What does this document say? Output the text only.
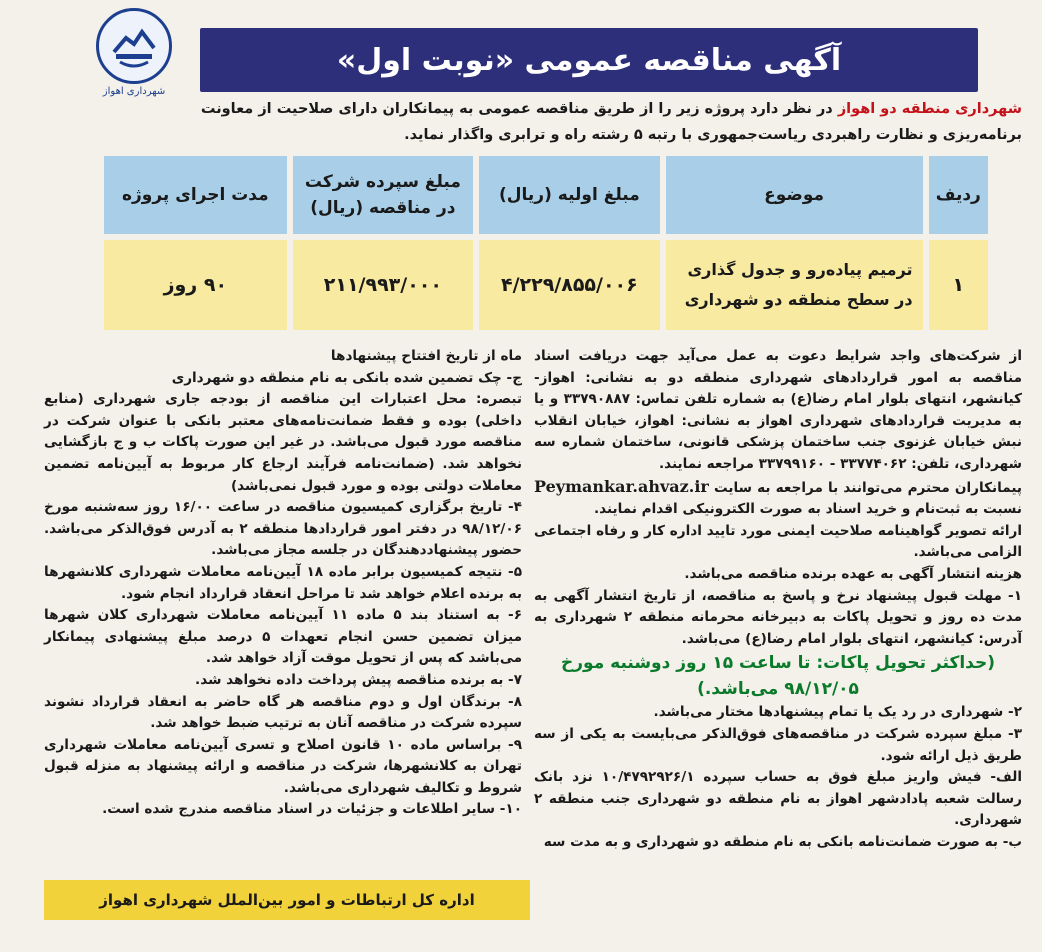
شهرداری اهواز
آگهی مناقصه عمومی «نوبت اول»
شهرداری منطقه دو اهواز در نظر دارد پروژه زیر را از طریق مناقصه عمومی به پیمانکاران دارای صلاحیت از معاونت برنامه‌ریزی و نظارت راهبردی ریاست‌جمهوری با رتبه ۵ رشته راه و ترابری واگذار نماید.
ردیف	موضوع	مبلغ اولیه (ریال)	مبلغ سپرده شرکت در مناقصه (ریال)	مدت اجرای پروژه
۱	ترمیم پیاده‌رو و جدول گذاری در سطح منطقه دو شهرداری	۴/۲۲۹/۸۵۵/۰۰۶	۲۱۱/۹۹۳/۰۰۰	۹۰ روز

از شرکت‌های واجد شرایط دعوت به عمل می‌آید جهت دریافت اسناد مناقصه به امور قراردادهای شهرداری منطقه دو به نشانی: اهواز- کیانشهر، انتهای بلوار امام رضا(ع) به شماره تلفن تماس: ۳۳۷۹۰۸۸۷ و یا به مدیریت قراردادهای شهرداری اهواز به نشانی: اهواز، خیابان انقلاب نبش خیابان غزنوی جنب ساختمان پزشکی قانونی، ساختمان شماره سه شهرداری، تلفن: ۳۳۷۷۴۰۶۲ - ۳۳۷۹۹۱۶۰ مراجعه نمایند.

پیمانکاران محترم می‌توانند با مراجعه به سایت Peymankar.ahvaz.ir نسبت به ثبت‌نام و خرید اسناد به صورت الکترونیکی اقدام نمایند.

ارائه تصویر گواهینامه صلاحیت ایمنی مورد تایید اداره کار و رفاه اجتماعی الزامی می‌باشد.

هزینه انتشار آگهی به عهده برنده مناقصه می‌باشد.

۱- مهلت قبول پیشنهاد نرخ و پاسخ به مناقصه، از تاریخ انتشار آگهی به مدت ده روز و تحویل پاکات به دبیرخانه محرمانه منطقه ۲ شهرداری به آدرس: کیانشهر، انتهای بلوار امام رضا(ع) می‌باشد.

(حداکثر تحویل پاکات: تا ساعت ۱۵ روز دوشنبه مورخ ۹۸/۱۲/۰۵ می‌باشد.)

۲- شهرداری در رد یک یا تمام پیشنهادها مختار می‌باشد.

۳- مبلغ سپرده شرکت در مناقصه‌های فوق‌الذکر می‌بایست به یکی از سه طریق ذیل ارائه شود.

الف- فیش واریز مبلغ فوق به حساب سپرده ۱۰/۴۷۹۲۹۲۶/۱ نزد بانک رسالت شعبه پادادشهر اهواز به نام منطقه دو شهرداری جنب منطقه ۲ شهرداری.

ب- به صورت ضمانت‌نامه بانکی به نام منطقه دو شهرداری و به مدت سه

ماه از تاریخ افتتاح پیشنهادها

ج- چک تضمین شده بانکی به نام منطقه دو شهرداری

تبصره: محل اعتبارات این مناقصه از بودجه جاری شهرداری (منابع داخلی) بوده و فقط ضمانت‌نامه‌های معتبر بانکی با عنوان شرکت در مناقصه مورد قبول می‌باشد. در غیر این صورت پاکات ب و ج بازگشایی نخواهد شد. (ضمانت‌نامه فرآیند ارجاع کار مربوط به آیین‌نامه تضمین معاملات دولتی بوده و مورد قبول نمی‌باشد)

۴- تاریخ برگزاری کمیسیون مناقصه در ساعت ۱۶/۰۰ روز سه‌شنبه مورخ ۹۸/۱۲/۰۶ در دفتر امور قراردادها منطقه ۲ به آدرس فوق‌الذکر می‌باشد. حضور پیشنهاددهندگان در جلسه مجاز می‌باشد.

۵- نتیجه کمیسیون برابر ماده ۱۸ آیین‌نامه معاملات شهرداری کلانشهرها به برنده اعلام خواهد شد تا مراحل انعقاد قرارداد انجام شود.

۶- به استناد بند ۵ ماده ۱۱ آیین‌نامه معاملات شهرداری کلان شهرها میزان تضمین حسن انجام تعهدات ۵ درصد مبلغ پیشنهادی پیمانکار می‌باشد که پس از تحویل موقت آزاد خواهد شد.

۷- به برنده مناقصه پیش پرداخت داده نخواهد شد.

۸- برندگان اول و دوم مناقصه هر گاه حاضر به انعقاد قرارداد نشوند سپرده شرکت در مناقصه آنان به ترتیب ضبط خواهد شد.

۹- براساس ماده ۱۰ قانون اصلاح و تسری آیین‌نامه معاملات شهرداری تهران به کلانشهرها، شرکت در مناقصه و ارائه پیشنهاد به منزله قبول شروط و تکالیف شهرداری می‌باشد.

۱۰- سایر اطلاعات و جزئیات در اسناد مناقصه مندرج شده است.

اداره کل ارتباطات و امور بین‌الملل شهرداری اهواز
